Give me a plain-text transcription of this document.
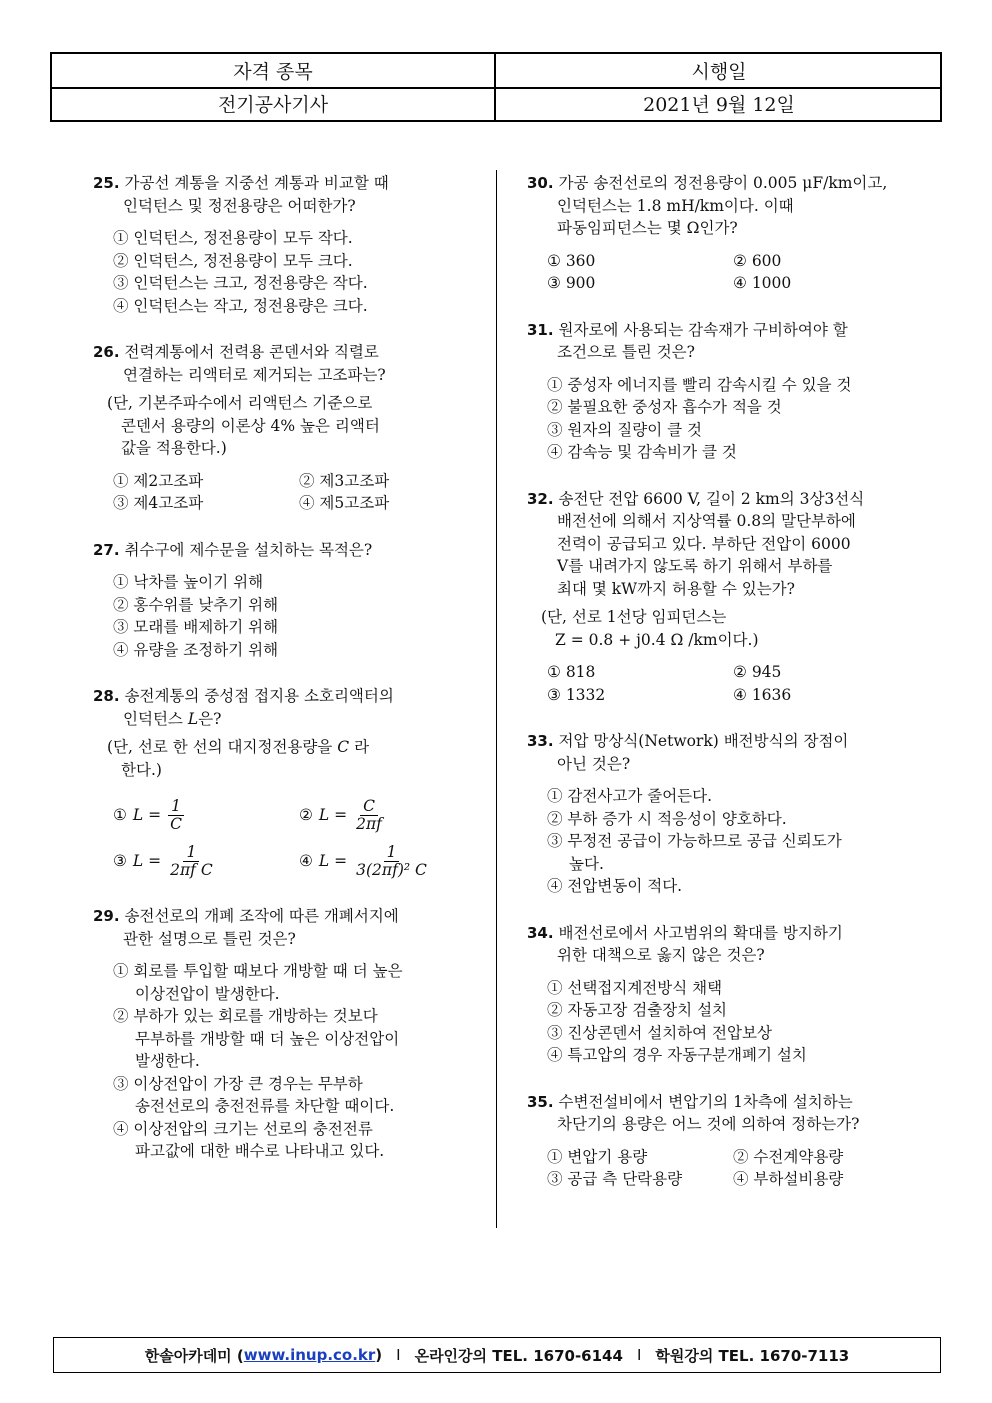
자격 종목	시행일
전기공사기사	2021년 9월 12일
25. 가공선 계통을 지중선 계통과 비교할 때
인덕턴스 및 정전용량은 어떠한가?
① 인덕턴스, 정전용량이 모두 작다.
② 인덕턴스, 정전용량이 모두 크다.
③ 인덕턴스는 크고, 정전용량은 작다.
④ 인덕턴스는 작고, 정전용량은 크다.
26. 전력계통에서 전력용 콘덴서와 직렬로
연결하는 리액터로 제거되는 고조파는?
(단, 기본주파수에서 리액턴스 기준으로
콘덴서 용량의 이론상 4% 높은 리액터
값을 적용한다.)
① 제2고조파	② 제3고조파
③ 제4고조파	④ 제5고조파
27. 취수구에 제수문을 설치하는 목적은?
① 낙차를 높이기 위해
② 홍수위를 낮추기 위해
③ 모래를 배제하기 위해
④ 유량을 조정하기 위해
28. 송전계통의 중성점 접지용 소호리액터의
인덕턴스 L은?
(단, 선로 한 선의 대지정전용량을 C 라
한다.)
① $L = \frac{1}{C}$	② $L = \frac{C}{2\pi f}$
③ $L = \frac{1}{\text{2πf C}}$	④ $L = \frac{1}{\text{3(2πf)² C}}$
29. 송전선로의 개폐 조작에 따른 개폐서지에
관한 설명으로 틀린 것은?
① 회로를 투입할 때보다 개방할 때 더 높은
이상전압이 발생한다.
② 부하가 있는 회로를 개방하는 것보다
무부하를 개방할 때 더 높은 이상전압이
발생한다.
③ 이상전압이 가장 큰 경우는 무부하
송전선로의 충전전류를 차단할 때이다.
④ 이상전압의 크기는 선로의 충전전류
파고값에 대한 배수로 나타내고 있다.
30. 가공 송전선로의 정전용량이 0.005 μF/km이고,
인덕턴스는 1.8 mH/km이다. 이때
파동임피던스는 몇 Ω인가?
① 360	② 600
③ 900	④ 1000
31. 원자로에 사용되는 감속재가 구비하여야 할
조건으로 틀린 것은?
① 중성자 에너지를 빨리 감속시킬 수 있을 것
② 불필요한 중성자 흡수가 적을 것
③ 원자의 질량이 클 것
④ 감속능 및 감속비가 클 것
32. 송전단 전압 6600 V, 길이 2 km의 3상3선식
배전선에 의해서 지상역률 0.8의 말단부하에
전력이 공급되고 있다. 부하단 전압이 6000
V를 내려가지 않도록 하기 위해서 부하를
최대 몇 kW까지 허용할 수 있는가?
(단, 선로 1선당 임피던스는
Z = 0.8 + j0.4 Ω /km이다.)
① 818	② 945
③ 1332	④ 1636
33. 저압 망상식(Network) 배전방식의 장점이
아닌 것은?
① 감전사고가 줄어든다.
② 부하 증가 시 적응성이 양호하다.
③ 무정전 공급이 가능하므로 공급 신뢰도가
높다.
④ 전압변동이 적다.
34. 배전선로에서 사고범위의 확대를 방지하기
위한 대책으로 옳지 않은 것은?
① 선택접지계전방식 채택
② 자동고장 검출장치 설치
③ 진상콘덴서 설치하여 전압보상
④ 특고압의 경우 자동구분개폐기 설치
35. 수변전설비에서 변압기의 1차측에 설치하는
차단기의 용량은 어느 것에 의하여 정하는가?
① 변압기 용량	② 수전계약용량
③ 공급 측 단락용량	④ 부하설비용량
한솔아카데미 ( www.inup.co.kr ) I 온라인강의 TEL. 1670-6144 I 학원강의 TEL. 1670-7113
